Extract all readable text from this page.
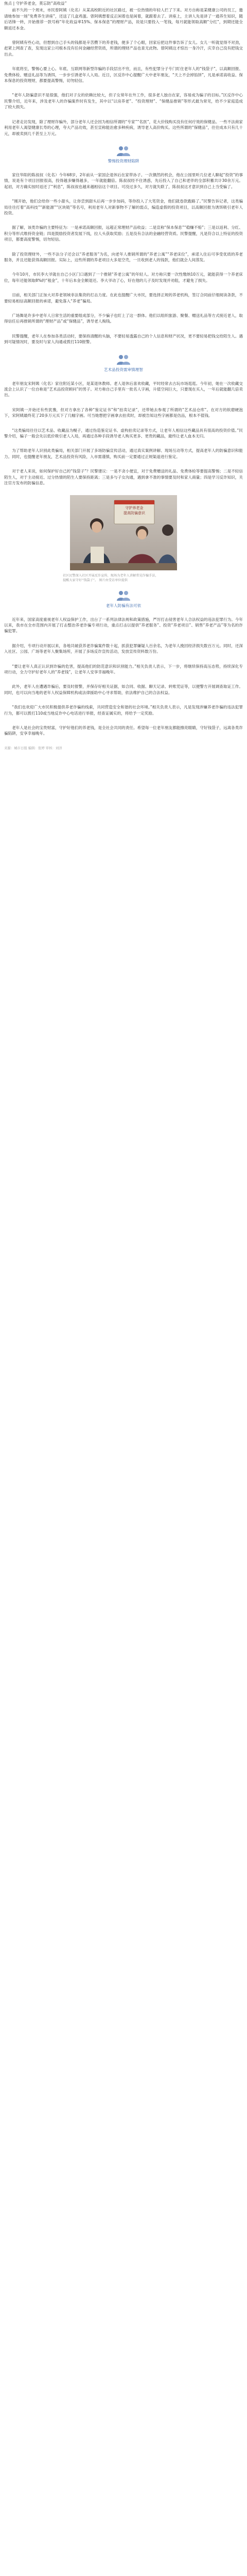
焦点 | 守护养老金，莫忘防“高收益”

前不久的一个周末，市民曾阿姨（化名）从某高校附近的社区路过，被一位热情的年轻人拦了下来。对方自称是某健康公司的员工，邀请她参加一场“免费养生讲座”，还送了几盒鸡蛋。曾阿姨想着反正闲着也是闲着，就跟着去了。讲座上，主讲人先是讲了一通养生知识，随后话锋一转，开始推荐一款号称“年化收益率15%、保本保息”的理财产品，说是只要投入一笔钱，每月就能领取高额“分红”，到期还能全额返还本金。

曾阿姨有些心动，但想到自己手头的钱都是辛苦攒下的养老钱，便多了个心眼，回家后把这件事告诉了女儿。女儿一听就觉得不对劲，赶紧上网查了查，发现这家公司根本没有任何金融经营资质，所谓的理财产品也查无此物。曾阿姨这才惊出一身冷汗，庆幸自己没有把钱交出去。

年底将至，警惕心要上心。年底、互联网等新型诈骗的手段层出不穷，而且，有些犯罪分子专门盯住老年人的“钱袋子”，以高额回报、免费体检、赠送礼品等为诱饵，一步步引诱老年人入局。近日，区反诈中心提醒广大中老年朋友，“天上不会掉馅饼”，凡是承诺高收益、保本保息的投资理财，都要提高警惕，切勿轻信。

“老年人防骗意识不是很强，他们对子女的依赖比较大，但子女常年在外工作，很多老人独自在家，容易成为骗子的目标。”区反诈中心民警介绍，近年来，涉及老年人的诈骗案件时有发生，其中以“以房养老”、“投资理财”、“保健品推销”等形式最为常见，给不少家庭造成了较大损失。

记者走访发现，除了理财诈骗外，部分老年人还会因为相信所谓的“专家”“名医”，花大价钱购买没有任何疗效的保健品。一些不法商家利用老年人渴望健康长寿的心理，夸大产品功效，甚至宣称能治愈多种疾病，诱导老人高价购买。这些所谓的“保健品”，往往成本只有几十元，却被卖到几千甚至上万元。

警惕投资理财陷阱

家住华阳的陈叔叔（化名）今年68岁，2年前从一家国企退休后在家带孙子。一次偶然的机会，他在公园里听几位老人聊起“投资”的事情，说是有个项目回报很高，投得越多赚得越多，一年就能翻倍。陈叔叔经不住诱惑，先后投入了自己和老伴的全部积蓄共计30余万元。起初，对方确实按时返还了“利息”，陈叔叔也越来越相信这个项目。可没过多久，对方就失联了，陈叔叔这才意识到自己上当受骗了。

“刚开始，他们会给你一些小甜头，让你尝到甜头后再一步步加码，等你投入了大笔资金，他们就卷款跑路了。”民警告诉记者，这类骗局往往打着“高科技”“新能源”“区块链”等名号，利用老年人对新事物不了解的弱点，编造虚假的投资项目，以高额回报为诱饵吸引老年人投资。

据了解，该类诈骗的主要特征为：一是承诺高额回报，远超正常理财产品收益；二是宣称“保本保息”“稳赚不赔”；三是以返利、分红、积分等形式维持资金链；四是鼓励投资者发展下线，拉人头获取奖励；五是没有合法的金融经营资质。民警提醒，凡是符合以上特征的投资项目，都要高度警惕，切勿轻信。

除了投资理财外，一些不法分子还会以“养老服务”为名，向老年人推销所谓的“养老公寓”“养老床位”，承诺入住后可享受优质的养老服务，并且还能获得高额回报。实际上，这些所谓的养老项目大多是空壳，一旦收到老人的钱款，他们就会人间蒸发。

今年10月，市民李大爷就在自己小区门口遇到了一个推销“养老公寓”的年轻人。对方称只要一次性缴纳10万元，就能获得一个养老床位，每年还能领取8%的“租金”，十年后本金全额退还。李大爷动了心，好在他的儿子及时发现并劝阻，才避免了损失。

目前，相关部门正加大对养老领域非法集资的打击力度。在此也提醒广大市民，要选择正规的养老机构，签订合同前仔细阅读条款，不要轻易相信高额回报的承诺，避免落入“养老”骗局。

广场舞是许多中老年人日常生活的重要组成部分，不少骗子也盯上了这一群体。他们以组织旅游、聚餐、赠送礼品等方式接近老人，取得信任后再推销所谓的“理财产品”或“保健品”，诱导老人掏钱。

民警提醒，老年人在参加各类活动时，要保持清醒的头脑，不要轻易透露自己的个人信息和财产状况，更不要轻易把钱交给陌生人。遇到可疑情况时，要及时与家人沟通或拨打110报警。

艺术品投资需审慎理智

老年朋友宋阿姨（化名）家住附近某小区，是某退休教师。老人退休后喜欢收藏，平时经常去古玩市场逛逛。今年初，她在一次收藏交流会上认识了一位自称是“艺术品投资顾问”的男子。对方称自己手里有一批名人字画，升值空间巨大，只要现在买入，一年后就能翻几倍卖出。

宋阿姨一开始还有些犹豫，但对方拿出了各种“鉴定证书”和“拍卖记录”，还带她去参观了所谓的“艺术品仓库”。在对方的软磨硬泡下，宋阿姨最终花了20多万元买下了几幅字画。可当她想把字画拿去拍卖时，却被告知这些字画都是仿品，根本不值钱。

“这类骗局往往以艺术品、收藏品为幌子，通过伪造鉴定证书、虚构拍卖记录等方式，让老年人相信这些藏品具有很高的投资价值。”民警介绍，骗子一般会先以低价吸引老人入局，再通过各种手段诱导老人购买更多、更贵的藏品，最终让老人血本无归。

为了帮助老年人识别此类骗局，相关部门开展了多场防骗宣传活动，通过真实案例讲解、现场互动等方式，提高老年人的防骗意识和能力。同时，也提醒老年朋友，艺术品投资有风险，入市需谨慎，购买前一定要通过正规渠道进行鉴定。

对于老人来说，如何保护好自己的“钱袋子”？民警建议：一是不贪小便宜，对于免费赠送的礼品、免费体检等要提高警惕；二是不轻信陌生人，对于主动接近、过分热情的陌生人要保持距离；三是多与子女沟通，遇到拿不准的事情要及时和家人商量；四是学习反诈知识，关注官方发布的防骗信息。

守护养老金
提高防骗意识

社区民警深入社区开展反诈宣传，现场为老年人讲解常见诈骗手法，

提醒大家守好“钱袋子”。 图片由受访单位提供

老年人防骗有法可依

近年来，国家高度重视老年人权益保护工作，出台了一系列法律法规和政策措施，严厉打击侵害老年人合法权益的违法犯罪行为。今年以来，我市在全市范围内开展了打击整治养老诈骗专项行动，重点打击以提供“养老服务”、投资“养老项目”、销售“养老产品”等为名的诈骗犯罪。

据介绍，专项行动开展以来，各地共破获养老诈骗案件数十起，抓获犯罪嫌疑人百余名，为老年人挽回经济损失数百万元。同时，还深入社区、公园、广场等老年人聚集场所，开展了多场反诈宣传活动，发放宣传资料数万份。

“要让老年人真正认识到诈骗的危害，提高他们的防范意识和识别能力。”相关负责人表示，下一步，将继续保持高压态势，持续深化专项行动，全力守护好老年人的“养老钱”，让老年人安享幸福晚年。

此外，老年人在遭遇诈骗后，要及时报警，并保存好相关证据，如合同、收据、聊天记录、转账凭证等，以便警方开展调查取证工作。同时，也可以向当地的老年人权益保障机构或法律援助中心寻求帮助，依法维护自己的合法权益。

“我们也欢迎广大市民积极提供养老诈骗的线索，共同营造安全和谐的社会环境。”相关负责人表示，凡是发现涉嫌养老诈骗的违法犯罪行为，都可以拨打110或当地反诈中心电话进行举报，经查证属实的，将给予一定奖励。

老年人是社会的宝贵财富，守护好他们的养老钱，是全社会共同的责任。希望每一位老年朋友都能擦亮眼睛，守好钱袋子，远离各类诈骗陷阱，安享幸福晚年。

来源：城市日报 编辑：张婷 审核：刘洋
